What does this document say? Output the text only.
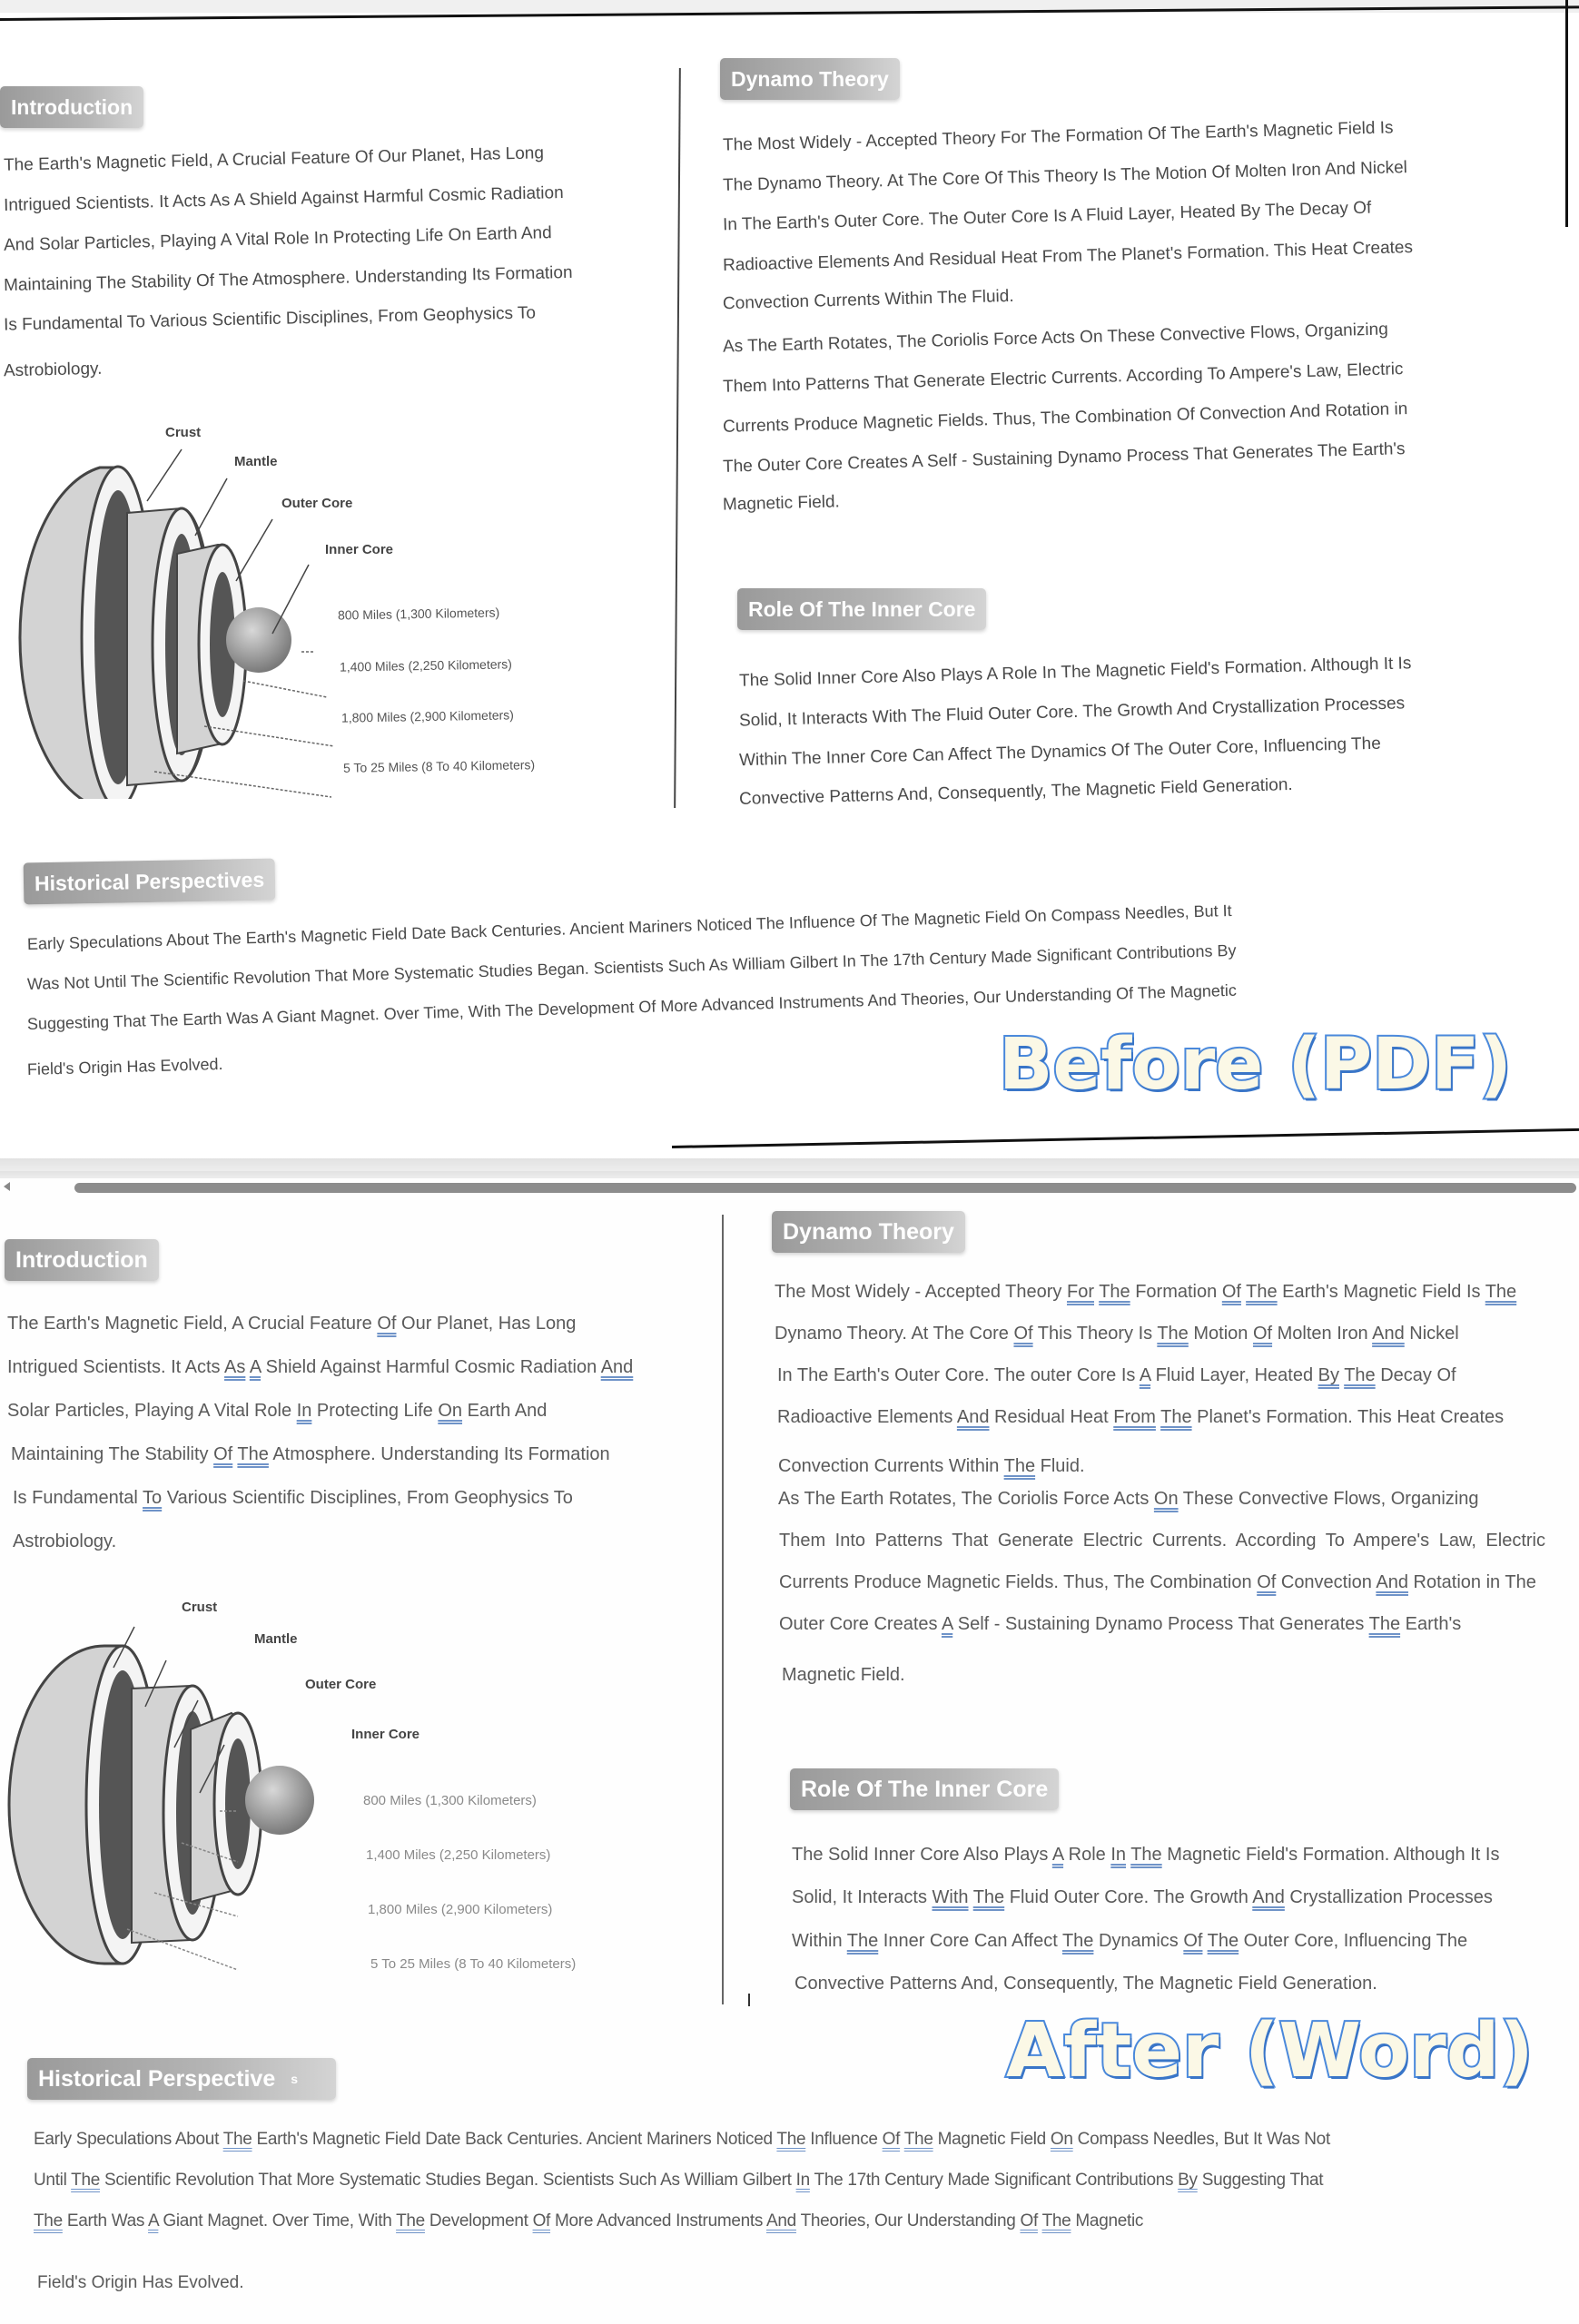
Introduction
The Earth's Magnetic Field, A Crucial Feature Of Our Planet, Has Long
Intrigued Scientists. It Acts As A Shield Against Harmful Cosmic Radiation
And Solar Particles, Playing A Vital Role In Protecting Life On Earth And
Maintaining The Stability Of The Atmosphere. Understanding Its Formation
Is Fundamental To Various Scientific Disciplines, From Geophysics To
Astrobiology.
Crust
Mantle
Outer Core
Inner Core
800 Miles (1,300 Kilometers)
1,400 Miles (2,250 Kilometers)
1,800 Miles (2,900 Kilometers)
5 To 25 Miles (8 To 40 Kilometers)
Dynamo Theory
The Most Widely - Accepted Theory For The Formation Of The Earth's Magnetic Field Is
The Dynamo Theory. At The Core Of This Theory Is The Motion Of Molten Iron And Nickel
In The Earth's Outer Core. The Outer Core Is A Fluid Layer, Heated By The Decay Of
Radioactive Elements And Residual Heat From The Planet's Formation. This Heat Creates
Convection Currents Within The Fluid.
As The Earth Rotates, The Coriolis Force Acts On These Convective Flows, Organizing
Them Into Patterns That Generate Electric Currents. According To Ampere's Law, Electric
Currents Produce Magnetic Fields. Thus, The Combination Of Convection And Rotation in
The Outer Core Creates A Self - Sustaining Dynamo Process That Generates The Earth's
Magnetic Field.
Role Of The Inner Core
The Solid Inner Core Also Plays A Role In The Magnetic Field's Formation. Although It Is
Solid, It Interacts With The Fluid Outer Core. The Growth And Crystallization Processes
Within The Inner Core Can Affect The Dynamics Of The Outer Core, Influencing The
Convective Patterns And, Consequently, The Magnetic Field Generation.
Historical Perspectives
Early Speculations About The Earth's Magnetic Field Date Back Centuries. Ancient Mariners Noticed The Influence Of The Magnetic Field On Compass Needles, But It
Was Not Until The Scientific Revolution That More Systematic Studies Began. Scientists Such As William Gilbert In The 17th Century Made Significant Contributions By
Suggesting That The Earth Was A Giant Magnet. Over Time, With The Development Of More Advanced Instruments And Theories, Our Understanding Of The Magnetic
Field's Origin Has Evolved.	Before (PDF)
Introduction
The Earth's Magnetic Field, A Crucial Feature Of Our Planet, Has Long
Intrigued Scientists. It Acts As A Shield Against Harmful Cosmic Radiation And
Solar Particles, Playing A Vital Role In Protecting Life On Earth And
Maintaining The Stability Of The Atmosphere. Understanding Its Formation
Is Fundamental To Various Scientific Disciplines, From Geophysics To
Astrobiology.
Crust
Mantle
Outer Core
Inner Core
800 Miles (1,300 Kilometers)
1,400 Miles (2,250 Kilometers)
1,800 Miles (2,900 Kilometers)
5 To 25 Miles (8 To 40 Kilometers)
Dynamo Theory
The Most Widely - Accepted Theory For The Formation Of The Earth's Magnetic Field Is The
Dynamo Theory. At The Core Of This Theory Is The Motion Of Molten Iron And Nickel
In The Earth's Outer Core. The outer Core Is A Fluid Layer, Heated By The Decay Of
Radioactive Elements And Residual Heat From The Planet's Formation. This Heat Creates
Convection Currents Within The Fluid.
As The Earth Rotates, The Coriolis Force Acts On These Convective Flows, Organizing
Them Into Patterns That Generate Electric Currents. According To Ampere's Law, Electric
Currents Produce Magnetic Fields. Thus, The Combination Of Convection And Rotation in The
Outer Core Creates A Self - Sustaining Dynamo Process That Generates The Earth's
Magnetic Field.
Role Of The Inner Core
The Solid Inner Core Also Plays A Role In The Magnetic Field's Formation. Although It Is
Solid, It Interacts With The Fluid Outer Core. The Growth And Crystallization Processes
Within The Inner Core Can Affect The Dynamics Of The Outer Core, Influencing The
Convective Patterns And, Consequently, The Magnetic Field Generation.
Historical Perspective $^s$
Early Speculations About The Earth's Magnetic Field Date Back Centuries. Ancient Mariners Noticed The Influence Of The Magnetic Field On Compass Needles, But It Was Not
Until The Scientific Revolution That More Systematic Studies Began. Scientists Such As William Gilbert In The 17th Century Made Significant Contributions By Suggesting That
The Earth Was A Giant Magnet. Over Time, With The Development Of More Advanced Instruments And Theories, Our Understanding Of The Magnetic
Field's Origin Has Evolved.
After (Word)
